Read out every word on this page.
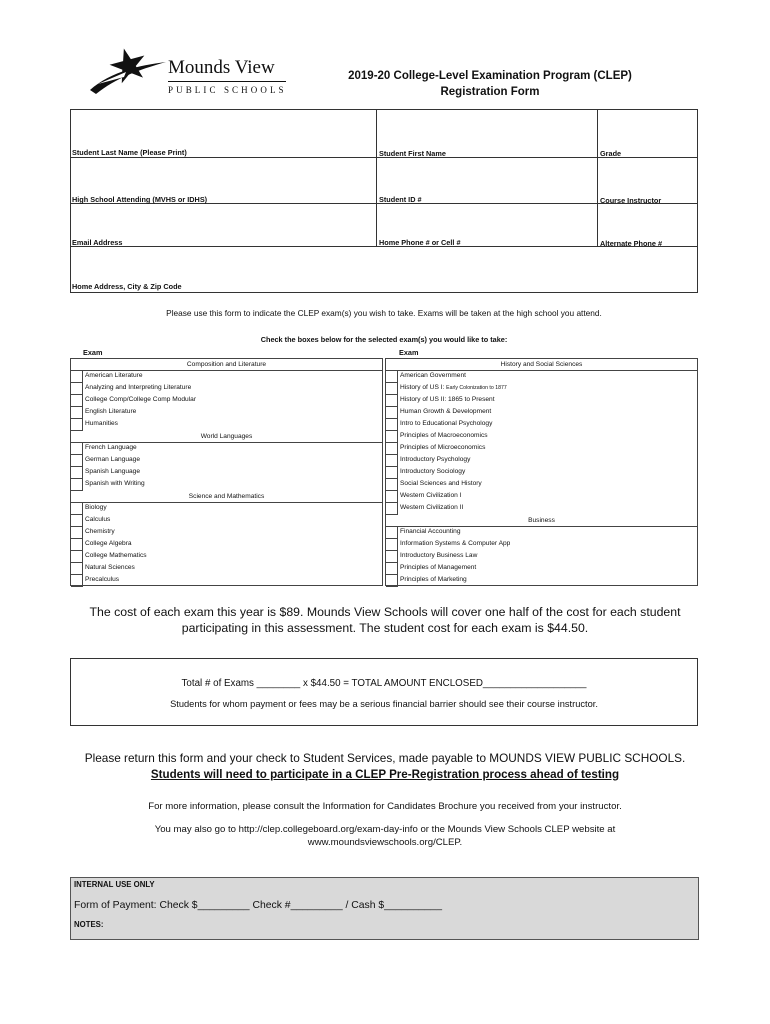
Mounds View
PUBLIC SCHOOLS
2019-20 College-Level Examination Program (CLEP)
Registration Form
Student Last Name (Please Print)	Student First Name	Grade
High School Attending (MVHS or IDHS)	Student ID #	Course Instructor
Email Address	Home Phone # or Cell #	Alternate Phone #
Home Address, City & Zip Code
Please use this form to indicate the CLEP exam(s) you wish to take. Exams will be taken at the high school you attend.
Check the boxes below for the selected exam(s) you would like to take:
Exam	Exam
Composition and Literature
American Literature
Analyzing and Interpreting Literature
College Comp/College Comp Modular
English Literature
Humanities
World Languages
French Language
German Language
Spanish Language
Spanish with Writing
Science and Mathematics
Biology
Calculus
Chemistry
College Algebra
College Mathematics
Natural Sciences
Precalculus
History and Social Sciences
American Government
History of US I: Early Colonization to 1877
History of US II: 1865 to Present
Human Growth & Development
Intro to Educational Psychology
Principles of Macroeconomics
Principles of Microeconomics
Introductory Psychology
Introductory Sociology
Social Sciences and History
Western Civilization I
Western Civilization II
Business
Financial Accounting
Information Systems & Computer App
Introductory Business Law
Principles of Management
Principles of Marketing
The cost of each exam this year is $89. Mounds View Schools will cover one half of the cost for each student
participating in this assessment. The student cost for each exam is $44.50.
Total # of Exams ________ x $44.50 = TOTAL AMOUNT ENCLOSED___________________
Students for whom payment or fees may be a serious financial barrier should see their course instructor.
Please return this form and your check to Student Services, made payable to MOUNDS VIEW PUBLIC SCHOOLS.
Students will need to participate in a CLEP Pre-Registration process ahead of testing
For more information, please consult the Information for Candidates Brochure you received from your instructor.
You may also go to http://clep.collegeboard.org/exam-day-info or the Mounds View Schools CLEP website at
www.moundsviewschools.org/CLEP.
INTERNAL USE ONLY
Form of Payment: Check $_________ Check #_________ / Cash $__________
NOTES:
